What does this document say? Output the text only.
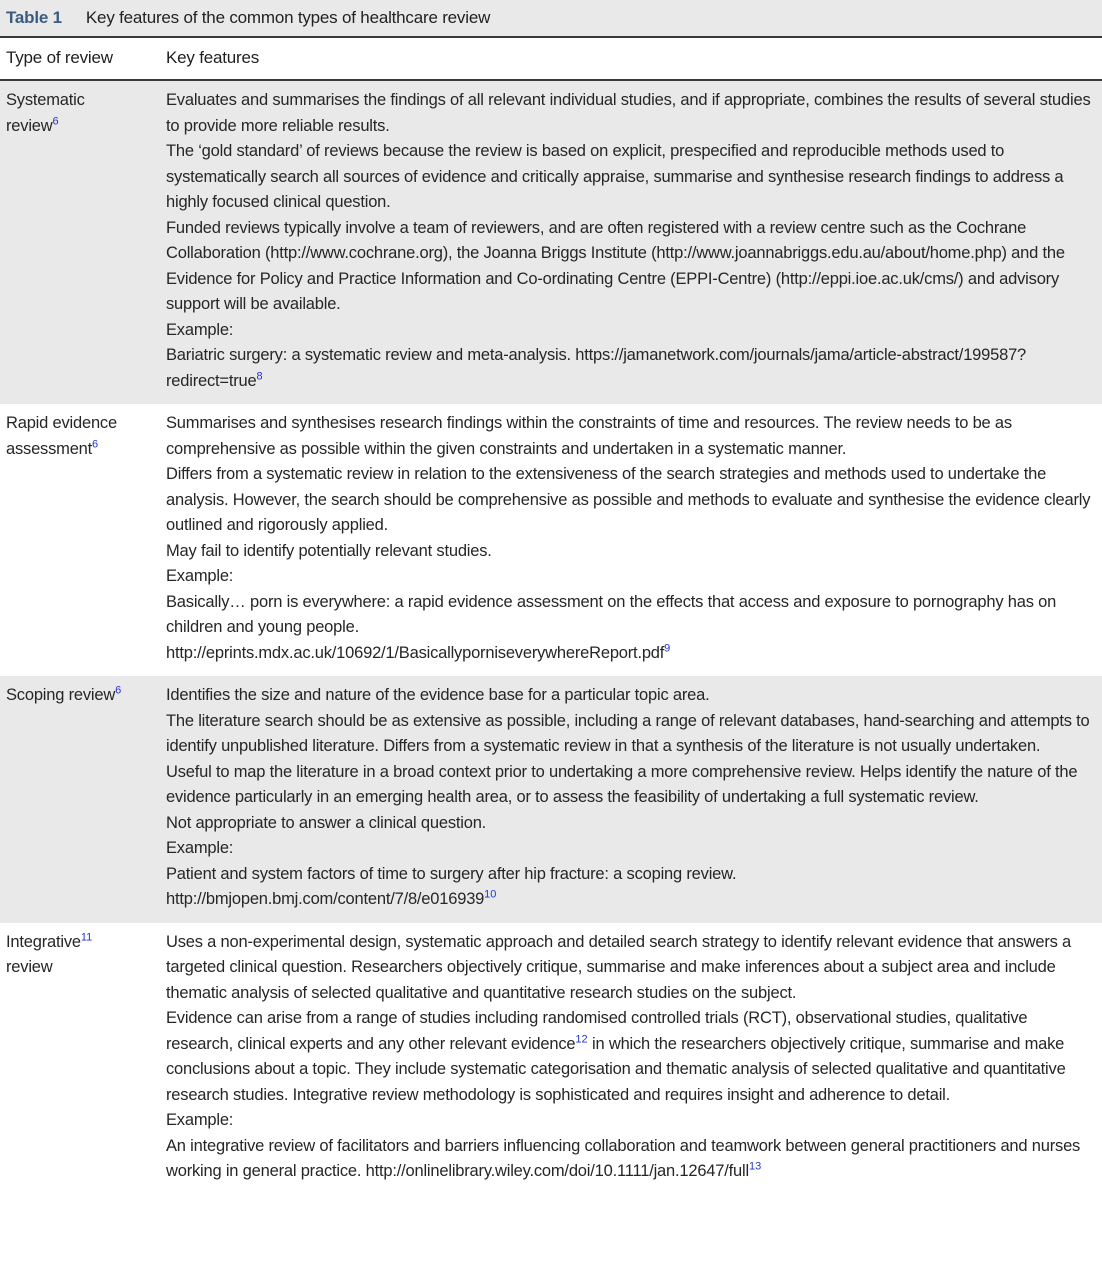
Table 1 Key features of the common types of healthcare review
Type of review	Key features
Systematic review$^6$
Evaluates and summarises the findings of all relevant individual studies, and if appropriate, combines the results of several studies to provide more reliable results.
The ‘gold standard’ of reviews because the review is based on explicit, prespecified and reproducible methods used to systematically search all sources of evidence and critically appraise, summarise and synthesise research findings to address a highly focused clinical question.
Funded reviews typically involve a team of reviewers, and are often registered with a review centre such as the Cochrane Collaboration (http://www.cochrane.org), the Joanna Briggs Institute (http://www.joannabriggs.edu.au/about/home.php) and the Evidence for Policy and Practice Information and Co-ordinating Centre (EPPI-Centre) (http://eppi.ioe.ac.uk/cms/) and advisory support will be available.
Example:
Bariatric surgery: a systematic review and meta-analysis. https://jamanetwork.com/journals/jama/article-abstract/199587?redirect=true$^8$
Rapid evidence assessment$^6$
Summarises and synthesises research findings within the constraints of time and resources. The review needs to be as comprehensive as possible within the given constraints and undertaken in a systematic manner.
Differs from a systematic review in relation to the extensiveness of the search strategies and methods used to undertake the analysis. However, the search should be comprehensive as possible and methods to evaluate and synthesise the evidence clearly outlined and rigorously applied.
May fail to identify potentially relevant studies.
Example:
Basically… porn is everywhere: a rapid evidence assessment on the effects that access and exposure to pornography has on children and young people.
http://eprints.mdx.ac.uk/10692/1/BasicallyporniseverywhereReport.pdf$^9$
Scoping review$^6$	Identifies the size and nature of the evidence base for a particular topic area.
The literature search should be as extensive as possible, including a range of relevant databases, hand-searching and attempts to identify unpublished literature. Differs from a systematic review in that a synthesis of the literature is not usually undertaken.
Useful to map the literature in a broad context prior to undertaking a more comprehensive review. Helps identify the nature of the evidence particularly in an emerging health area, or to assess the feasibility of undertaking a full systematic review.
Not appropriate to answer a clinical question.
Example:
Patient and system factors of time to surgery after hip fracture: a scoping review.
http://bmjopen.bmj.com/content/7/8/e016939$^{10}$
Integrative$^{11}$ review
Uses a non-experimental design, systematic approach and detailed search strategy to identify relevant evidence that answers a targeted clinical question. Researchers objectively critique, summarise and make inferences about a subject area and include thematic analysis of selected qualitative and quantitative research studies on the subject.
Evidence can arise from a range of studies including randomised controlled trials (RCT), observational studies, qualitative research, clinical experts and any other relevant evidence$^{12}$ in which the researchers objectively critique, summarise and make conclusions about a topic. They include systematic categorisation and thematic analysis of selected qualitative and quantitative research studies. Integrative review methodology is sophisticated and requires insight and adherence to detail.
Example:
An integrative review of facilitators and barriers influencing collaboration and teamwork between general practitioners and nurses working in general practice. http://onlinelibrary.wiley.com/doi/10.1111/jan.12647/full$^{13}$
